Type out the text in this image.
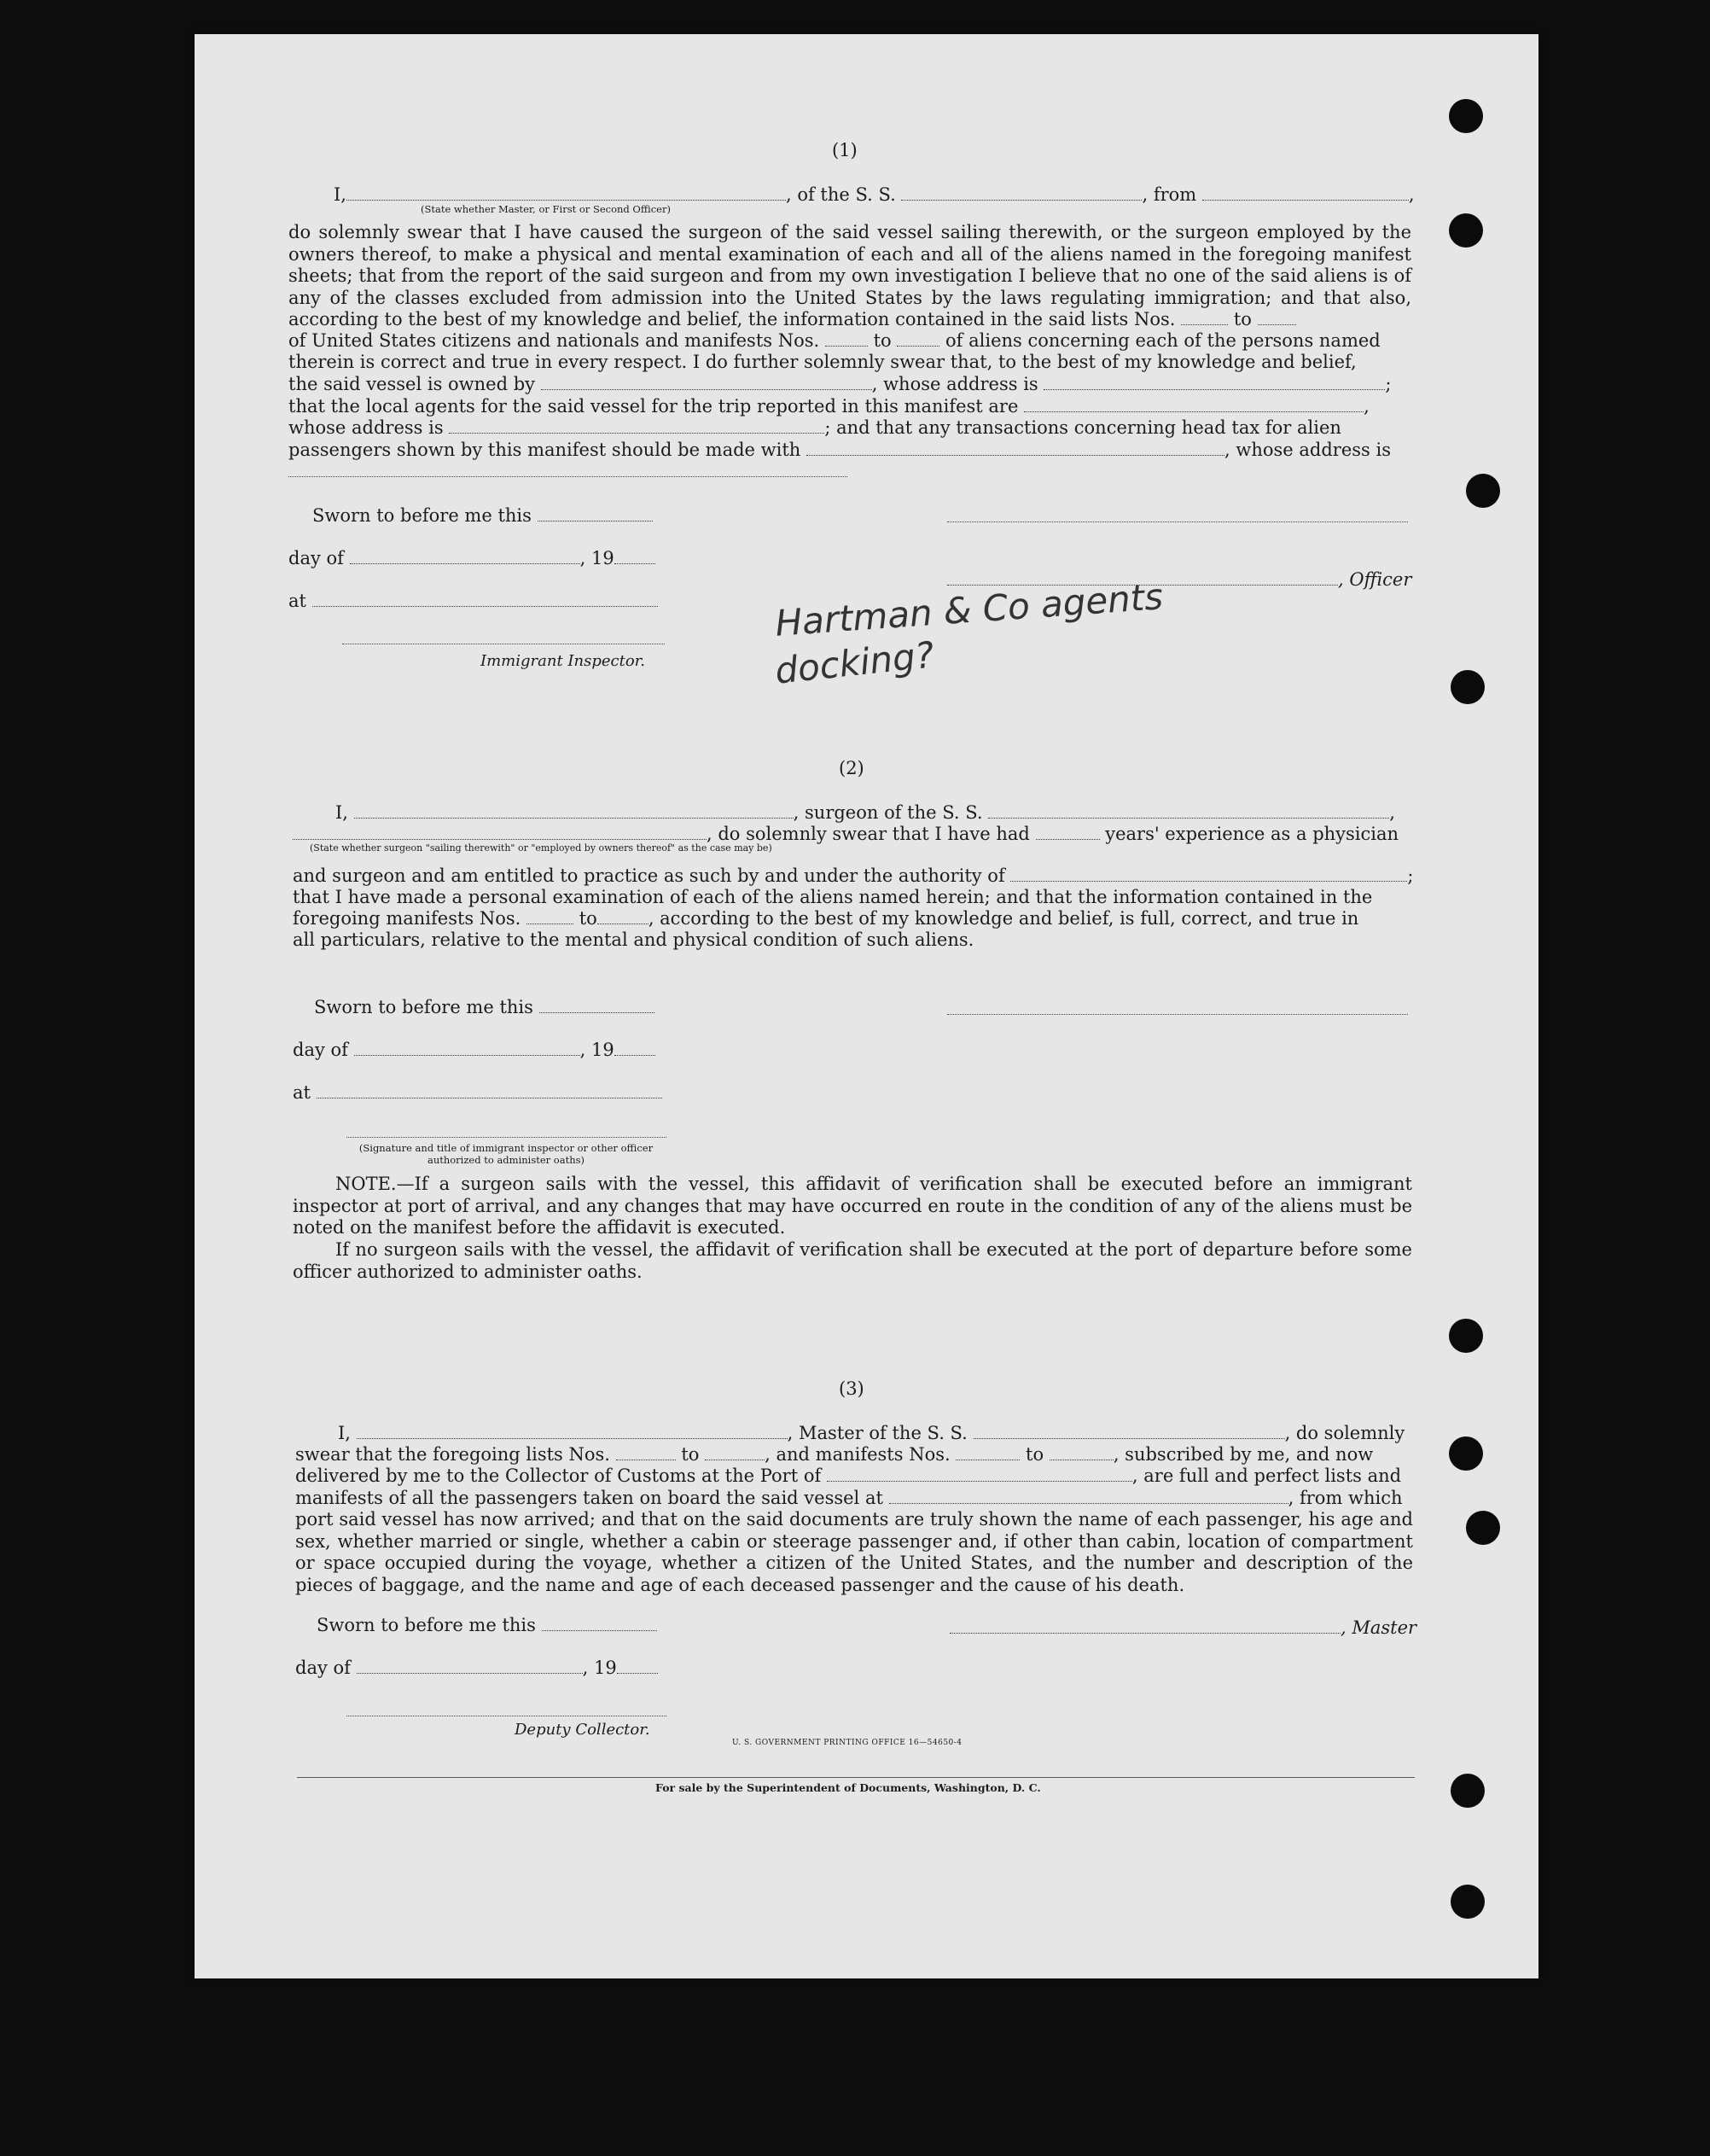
(1)
I,	, of the S. S.	, from	,
(State whether Master, or First or Second Officer)
do solemnly swear that I have caused the surgeon of the said vessel sailing therewith, or the surgeon employed by the owners thereof, to make a physical and mental examination of each and all of the aliens named in the foregoing manifest sheets; that from the report of the said surgeon and from my own investigation I believe that no one of the said aliens is of any of the classes excluded from admission into the United States by the laws regulating immigration; and that also, according to the best of my knowledge and belief, the information contained in the said lists Nos.	to
of United States citizens and nationals and manifests Nos.	to	of aliens concerning each of the persons named
therein is correct and true in every respect. I do further solemnly swear that, to the best of my knowledge and belief,
the said vessel is owned by	, whose address is	;
that the local agents for the said vessel for the trip reported in this manifest are	,
whose address is	; and that any transactions concerning head tax for alien
passengers shown by this manifest should be made with	, whose address is
Sworn to before me this
day of	, 19
, Officer
at
Immigrant Inspector.
Hartman & Co agents
docking?
(2)
I,	, surgeon of the S. S.	,
, do solemnly swear that I have had	years' experience as a physician
(State whether surgeon "sailing therewith" or "employed by owners thereof" as the case may be)
and surgeon and am entitled to practice as such by and under the authority of	;
that I have made a personal examination of each of the aliens named herein; and that the information contained in the
foregoing manifests Nos.	to	, according to the best of my knowledge and belief, is full, correct, and true in
all particulars, relative to the mental and physical condition of such aliens.
Sworn to before me this
day of	, 19
at
(Signature and title of immigrant inspector or other officer authorized to administer oaths)
NOTE.—If a surgeon sails with the vessel, this affidavit of verification shall be executed before an immigrant inspector at port of arrival, and any changes that may have occurred en route in the condition of any of the aliens must be noted on the manifest before the affidavit is executed.
If no surgeon sails with the vessel, the affidavit of verification shall be executed at the port of departure before some officer authorized to administer oaths.
(3)
I,	, Master of the S. S.	, do solemnly
swear that the foregoing lists Nos.	to	, and manifests Nos.	to	, subscribed by me, and now
delivered by me to the Collector of Customs at the Port of	, are full and perfect lists and
manifests of all the passengers taken on board the said vessel at	, from which
port said vessel has now arrived; and that on the said documents are truly shown the name of each passenger, his age and sex, whether married or single, whether a cabin or steerage passenger and, if other than cabin, location of compartment or space occupied during the voyage, whether a citizen of the United States, and the number and description of the pieces of baggage, and the name and age of each deceased passenger and the cause of his death.
Sworn to before me this	, Master
day of	, 19
Deputy Collector.
U. S. GOVERNMENT PRINTING OFFICE 16—54650-4
For sale by the Superintendent of Documents, Washington, D. C.
